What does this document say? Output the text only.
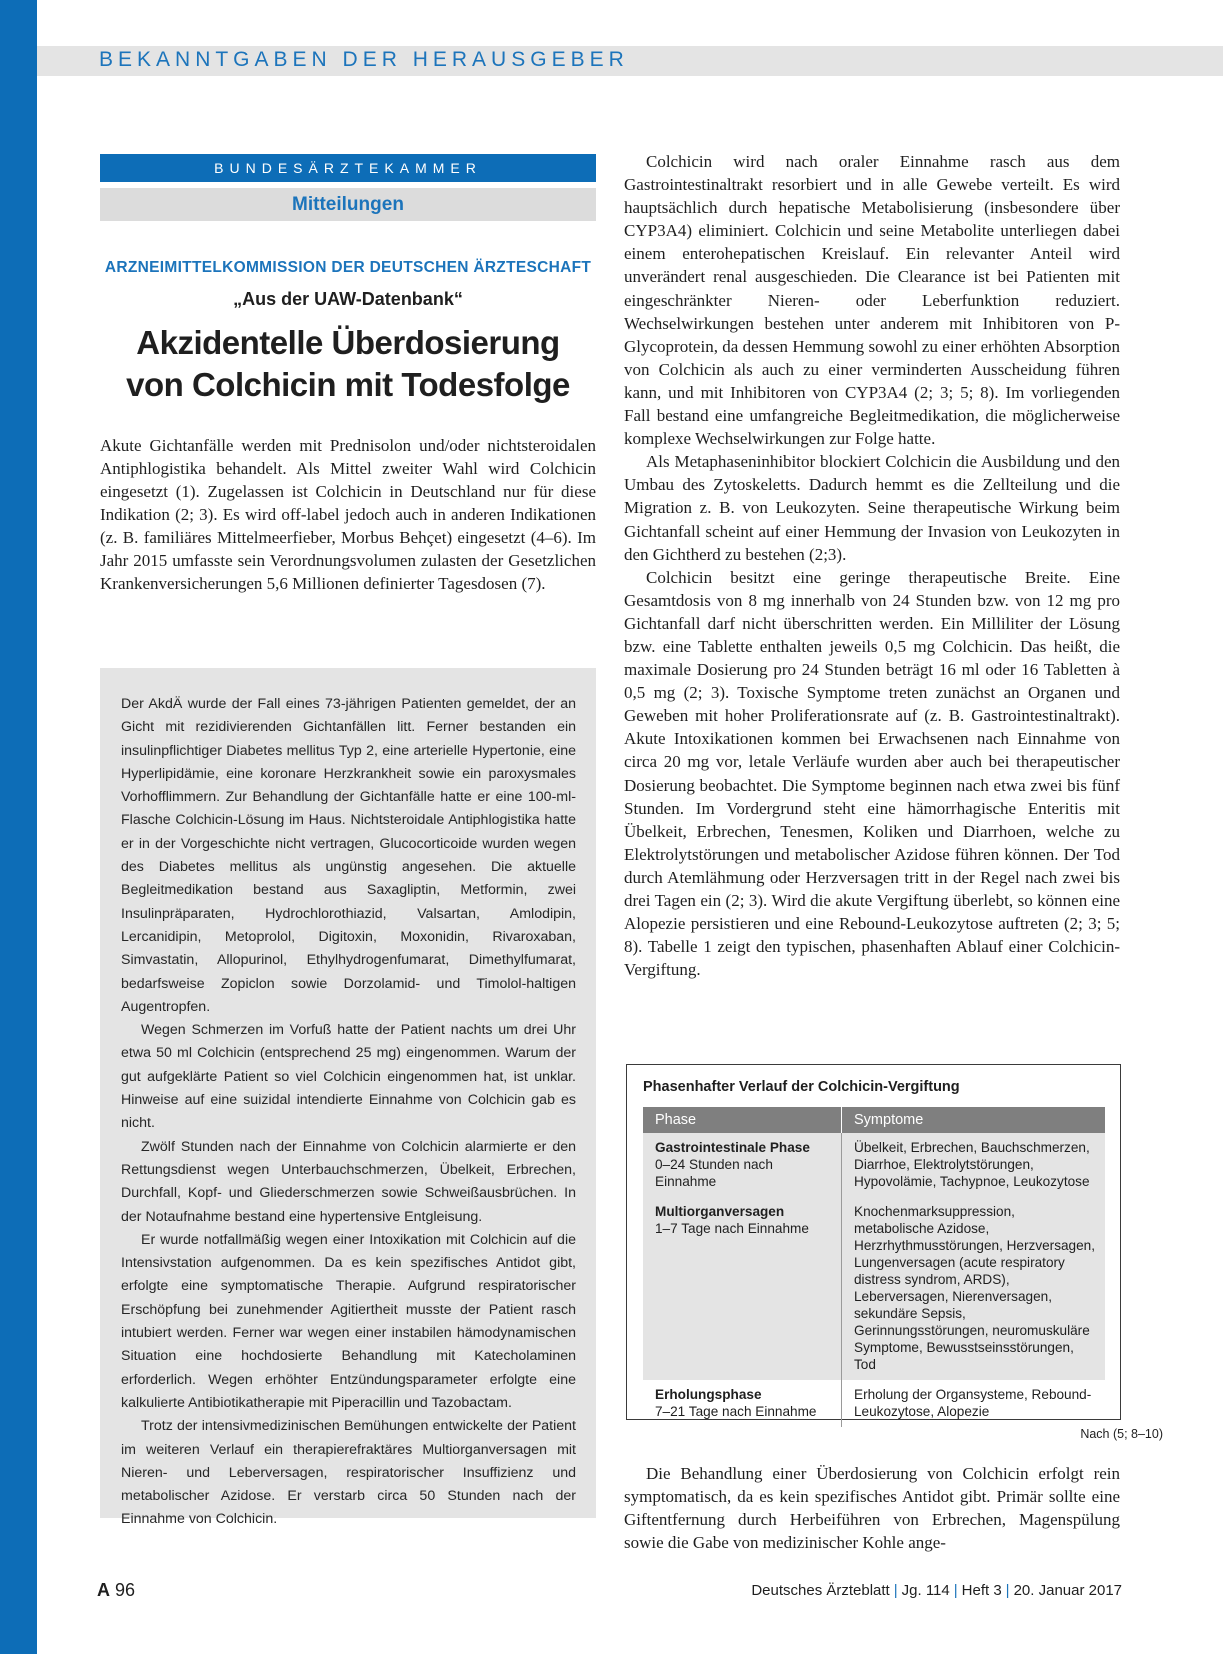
BEKANNTGABEN DER HERAUSGEBER
BUNDESÄRZTEKAMMER
Mitteilungen
ARZNEIMITTELKOMMISSION DER DEUTSCHEN ÄRZTESCHAFT
„Aus der UAW-Datenbank“
Akzidentelle Überdosierung
von Colchicin mit Todesfolge

Akute Gichtanfälle werden mit Prednisolon und/oder nichtsteroidalen Antiphlogistika behandelt. Als Mittel zweiter Wahl wird Colchicin eingesetzt (1). Zugelassen ist Colchicin in Deutschland nur für diese Indikation (2; 3). Es wird off-label jedoch auch in anderen Indikationen (z. B. familiäres Mittelmeerfieber, Morbus Behçet) eingesetzt (4–6). Im Jahr 2015 umfasste sein Verordnungsvolumen zulasten der Gesetzlichen Krankenversicherungen 5,6 Millionen definierter Tagesdosen (7).

Der AkdÄ wurde der Fall eines 73-jährigen Patienten gemeldet, der an Gicht mit rezidivierenden Gichtanfällen litt. Ferner bestanden ein insulinpflichtiger Diabetes mellitus Typ 2, eine arterielle Hypertonie, eine Hyperlipidämie, eine koronare Herzkrankheit sowie ein paroxysmales Vorhofflimmern. Zur Behandlung der Gichtanfälle hatte er eine 100-ml-Flasche Colchicin-Lösung im Haus. Nichtsteroidale Antiphlogistika hatte er in der Vorgeschichte nicht vertragen, Glucocorticoide wurden wegen des Diabetes mellitus als ungünstig angesehen. Die aktuelle Begleitmedikation bestand aus Saxagliptin, Metformin, zwei Insulinpräparaten, Hydrochlorothiazid, Valsartan, Amlodipin, Lercanidipin, Metoprolol, Digitoxin, Moxonidin, Rivaroxaban, Simvastatin, Allopurinol, Ethylhydrogenfumarat, Dimethylfumarat, bedarfsweise Zopiclon sowie Dorzolamid- und Timolol-haltigen Augentropfen.

Wegen Schmerzen im Vorfuß hatte der Patient nachts um drei Uhr etwa 50 ml Colchicin (entsprechend 25 mg) eingenommen. Warum der gut aufgeklärte Patient so viel Colchicin eingenommen hat, ist unklar. Hinweise auf eine suizidal intendierte Einnahme von Colchicin gab es nicht.

Zwölf Stunden nach der Einnahme von Colchicin alarmierte er den Rettungsdienst wegen Unterbauchschmerzen, Übelkeit, Erbrechen, Durchfall, Kopf- und Gliederschmerzen sowie Schweißausbrüchen. In der Notaufnahme bestand eine hypertensive Entgleisung.

Er wurde notfallmäßig wegen einer Intoxikation mit Colchicin auf die Intensivstation aufgenommen. Da es kein spezifisches Antidot gibt, erfolgte eine symptomatische Therapie. Aufgrund respiratorischer Erschöpfung bei zunehmender Agitiertheit musste der Patient rasch intubiert werden. Ferner war wegen einer instabilen hämodynamischen Situation eine hochdosierte Behandlung mit Katecholaminen erforderlich. Wegen erhöhter Entzündungsparameter erfolgte eine kalkulierte Antibiotikatherapie mit Piperacillin und Tazobactam.

Trotz der intensivmedizinischen Bemühungen entwickelte der Patient im weiteren Verlauf ein therapierefraktäres Multiorganversagen mit Nieren- und Leberversagen, respiratorischer Insuffizienz und metabolischer Azidose. Er verstarb circa 50 Stunden nach der Einnahme von Colchicin.

Colchicin wird nach oraler Einnahme rasch aus dem Gastrointestinaltrakt resorbiert und in alle Gewebe verteilt. Es wird hauptsächlich durch hepatische Metabolisierung (insbesondere über CYP3A4) eliminiert. Colchicin und seine Metabolite unterliegen dabei einem enterohepatischen Kreislauf. Ein relevanter Anteil wird unverändert renal ausgeschieden. Die Clearance ist bei Patienten mit eingeschränkter Nieren- oder Leberfunktion reduziert. Wechselwirkungen bestehen unter anderem mit Inhibitoren von P-Glycoprotein, da dessen Hemmung sowohl zu einer erhöhten Absorption von Colchicin als auch zu einer verminderten Ausscheidung führen kann, und mit Inhibitoren von CYP3A4 (2; 3; 5; 8). Im vorliegenden Fall bestand eine umfangreiche Begleitmedikation, die möglicherweise komplexe Wechselwirkungen zur Folge hatte.

Als Metaphaseninhibitor blockiert Colchicin die Ausbildung und den Umbau des Zytoskeletts. Dadurch hemmt es die Zellteilung und die Migration z. B. von Leukozyten. Seine therapeutische Wirkung beim Gichtanfall scheint auf einer Hemmung der Invasion von Leukozyten in den Gichtherd zu bestehen (2;3).

Colchicin besitzt eine geringe therapeutische Breite. Eine Gesamtdosis von 8 mg innerhalb von 24 Stunden bzw. von 12 mg pro Gichtanfall darf nicht überschritten werden. Ein Milliliter der Lösung bzw. eine Tablette enthalten jeweils 0,5 mg Colchicin. Das heißt, die maximale Dosierung pro 24 Stunden beträgt 16 ml oder 16 Tabletten à 0,5 mg (2; 3). Toxische Symptome treten zunächst an Organen und Geweben mit hoher Proliferationsrate auf (z. B. Gastrointestinaltrakt). Akute Intoxikationen kommen bei Erwachsenen nach Einnahme von circa 20 mg vor, letale Verläufe wurden aber auch bei therapeutischer Dosierung beobachtet. Die Symptome beginnen nach etwa zwei bis fünf Stunden. Im Vordergrund steht eine hämorrhagische Enteritis mit Übelkeit, Erbrechen, Tenesmen, Koliken und Diarrhoen, welche zu Elektrolytstörungen und metabolischer Azidose führen können. Der Tod durch Atemlähmung oder Herzversagen tritt in der Regel nach zwei bis drei Tagen ein (2; 3). Wird die akute Vergiftung überlebt, so können eine Alopezie persistieren und eine Rebound-Leukozytose auftreten (2; 3; 5; 8). Tabelle 1 zeigt den typischen, phasenhaften Ablauf einer Colchicin-Vergiftung.

Phasenhafter Verlauf der Colchicin-Vergiftung
Phase	Symptome

Gastrointestinale Phase
0–24 Stunden nach Einnahme	Übelkeit, Erbrechen, Bauchschmerzen, Diarrhoe, Elektrolytstörungen, Hypovolämie, Tachypnoe, Leukozytose

Multiorganversagen
1–7 Tage nach Einnahme	Knochenmarksuppression, metabolische Azidose, Herzrhythmusstörungen, Herzversagen, Lungenversagen (acute respiratory distress syndrom, ARDS), Leberversagen, Nierenversagen, sekundäre Sepsis, Gerinnungsstörungen, neuromuskuläre Symptome, Bewusstseinsstörungen, Tod

Erholungsphase
7–21 Tage nach Einnahme	Erholung der Organsysteme, Rebound-Leukozytose, Alopezie
Nach (5; 8–10)

Die Behandlung einer Überdosierung von Colchicin erfolgt rein symptomatisch, da es kein spezifisches Antidot gibt. Primär sollte eine Giftentfernung durch Herbeiführen von Erbrechen, Magenspülung sowie die Gabe von medizinischer Kohle ange-

A 96	Deutsches Ärzteblatt | Jg. 114 | Heft 3 | 20. Januar 2017
